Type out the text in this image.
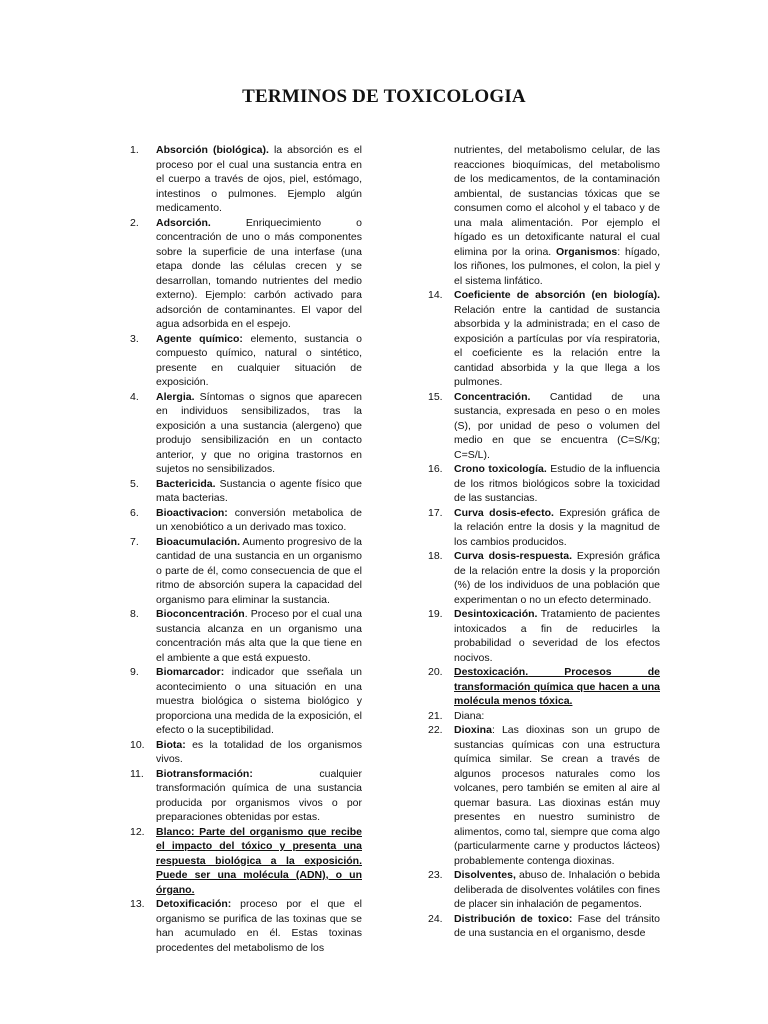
TERMINOS DE TOXICOLOGIA

1. Absorción (biológica). la absorción es el proceso por el cual una sustancia entra en el cuerpo a través de ojos, piel, estómago, intestinos o pulmones. Ejemplo algún medicamento.

2. Adsorción. Enriquecimiento o concentración de uno o más componentes sobre la superficie de una interfase (una etapa donde las células crecen y se desarrollan, tomando nutrientes del medio externo). Ejemplo: carbón activado para adsorción de contaminantes. El vapor del agua adsorbida en el espejo.

3. Agente químico: elemento, sustancia o compuesto químico, natural o sintético, presente en cualquier situación de exposición.

4. Alergia. Síntomas o signos que aparecen en individuos sensibilizados, tras la exposición a una sustancia (alergeno) que produjo sensibilización en un contacto anterior, y que no origina trastornos en sujetos no sensibilizados.

5. Bactericida. Sustancia o agente físico que mata bacterias.

6. Bioactivacion: conversión metabolica de un xenobiótico a un derivado mas toxico.

7. Bioacumulación. Aumento progresivo de la cantidad de una sustancia en un organismo o parte de él, como consecuencia de que el ritmo de absorción supera la capacidad del organismo para eliminar la sustancia.

8. Bioconcentración. Proceso por el cual una sustancia alcanza en un organismo una concentración más alta que la que tiene en el ambiente a que está expuesto.

9. Biomarcador: indicador que sseñala un acontecimiento o una situación en una muestra biológica o sistema biológico y proporciona una medida de la exposición, el efecto o la suceptibilidad.

10. Biota: es la totalidad de los organismos vivos.

11. Biotransformación: cualquier transformación química de una sustancia producida por organismos vivos o por preparaciones obtenidas por estas.

12. Blanco: Parte del organismo que recibe el impacto del tóxico y presenta una respuesta biológica a la exposición. Puede ser una molécula (ADN), o un órgano.

13. Detoxificación: proceso por el que el organismo se purifica de las toxinas que se han acumulado en él. Estas toxinas procedentes del metabolismo de los

nutrientes, del metabolismo celular, de las reacciones bioquímicas, del metabolismo de los medicamentos, de la contaminación ambiental, de sustancias tóxicas que se consumen como el alcohol y el tabaco y de una mala alimentación. Por ejemplo el hígado es un detoxificante natural el cual elimina por la orina. Organismos: hígado, los riñones, los pulmones, el colon, la piel y el sistema linfático.

14. Coeficiente de absorción (en biología). Relación entre la cantidad de sustancia absorbida y la administrada; en el caso de exposición a partículas por vía respiratoria, el coeficiente es la relación entre la cantidad absorbida y la que llega a los pulmones.

15. Concentración. Cantidad de una sustancia, expresada en peso o en moles (S), por unidad de peso o volumen del medio en que se encuentra (C=S/Kg; C=S/L).

16. Crono toxicología. Estudio de la influencia de los ritmos biológicos sobre la toxicidad de las sustancias.

17. Curva dosis-efecto. Expresión gráfica de la relación entre la dosis y la magnitud de los cambios producidos.

18. Curva dosis-respuesta. Expresión gráfica de la relación entre la dosis y la proporción (%) de los individuos de una población que experimentan o no un efecto determinado.

19. Desintoxicación. Tratamiento de pacientes intoxicados a fin de reducirles la probabilidad o severidad de los efectos nocivos.

20. Destoxicación. Procesos de transformación química que hacen a una molécula menos tóxica.

21. Diana:

22. Dioxina: Las dioxinas son un grupo de sustancias químicas con una estructura química similar. Se crean a través de algunos procesos naturales como los volcanes, pero también se emiten al aire al quemar basura. Las dioxinas están muy presentes en nuestro suministro de alimentos, como tal, siempre que coma algo (particularmente carne y productos lácteos) probablemente contenga dioxinas.

23. Disolventes, abuso de. Inhalación o bebida deliberada de disolventes volátiles con fines de placer sin inhalación de pegamentos.

24. Distribución de toxico: Fase del tránsito de una sustancia en el organismo, desde
